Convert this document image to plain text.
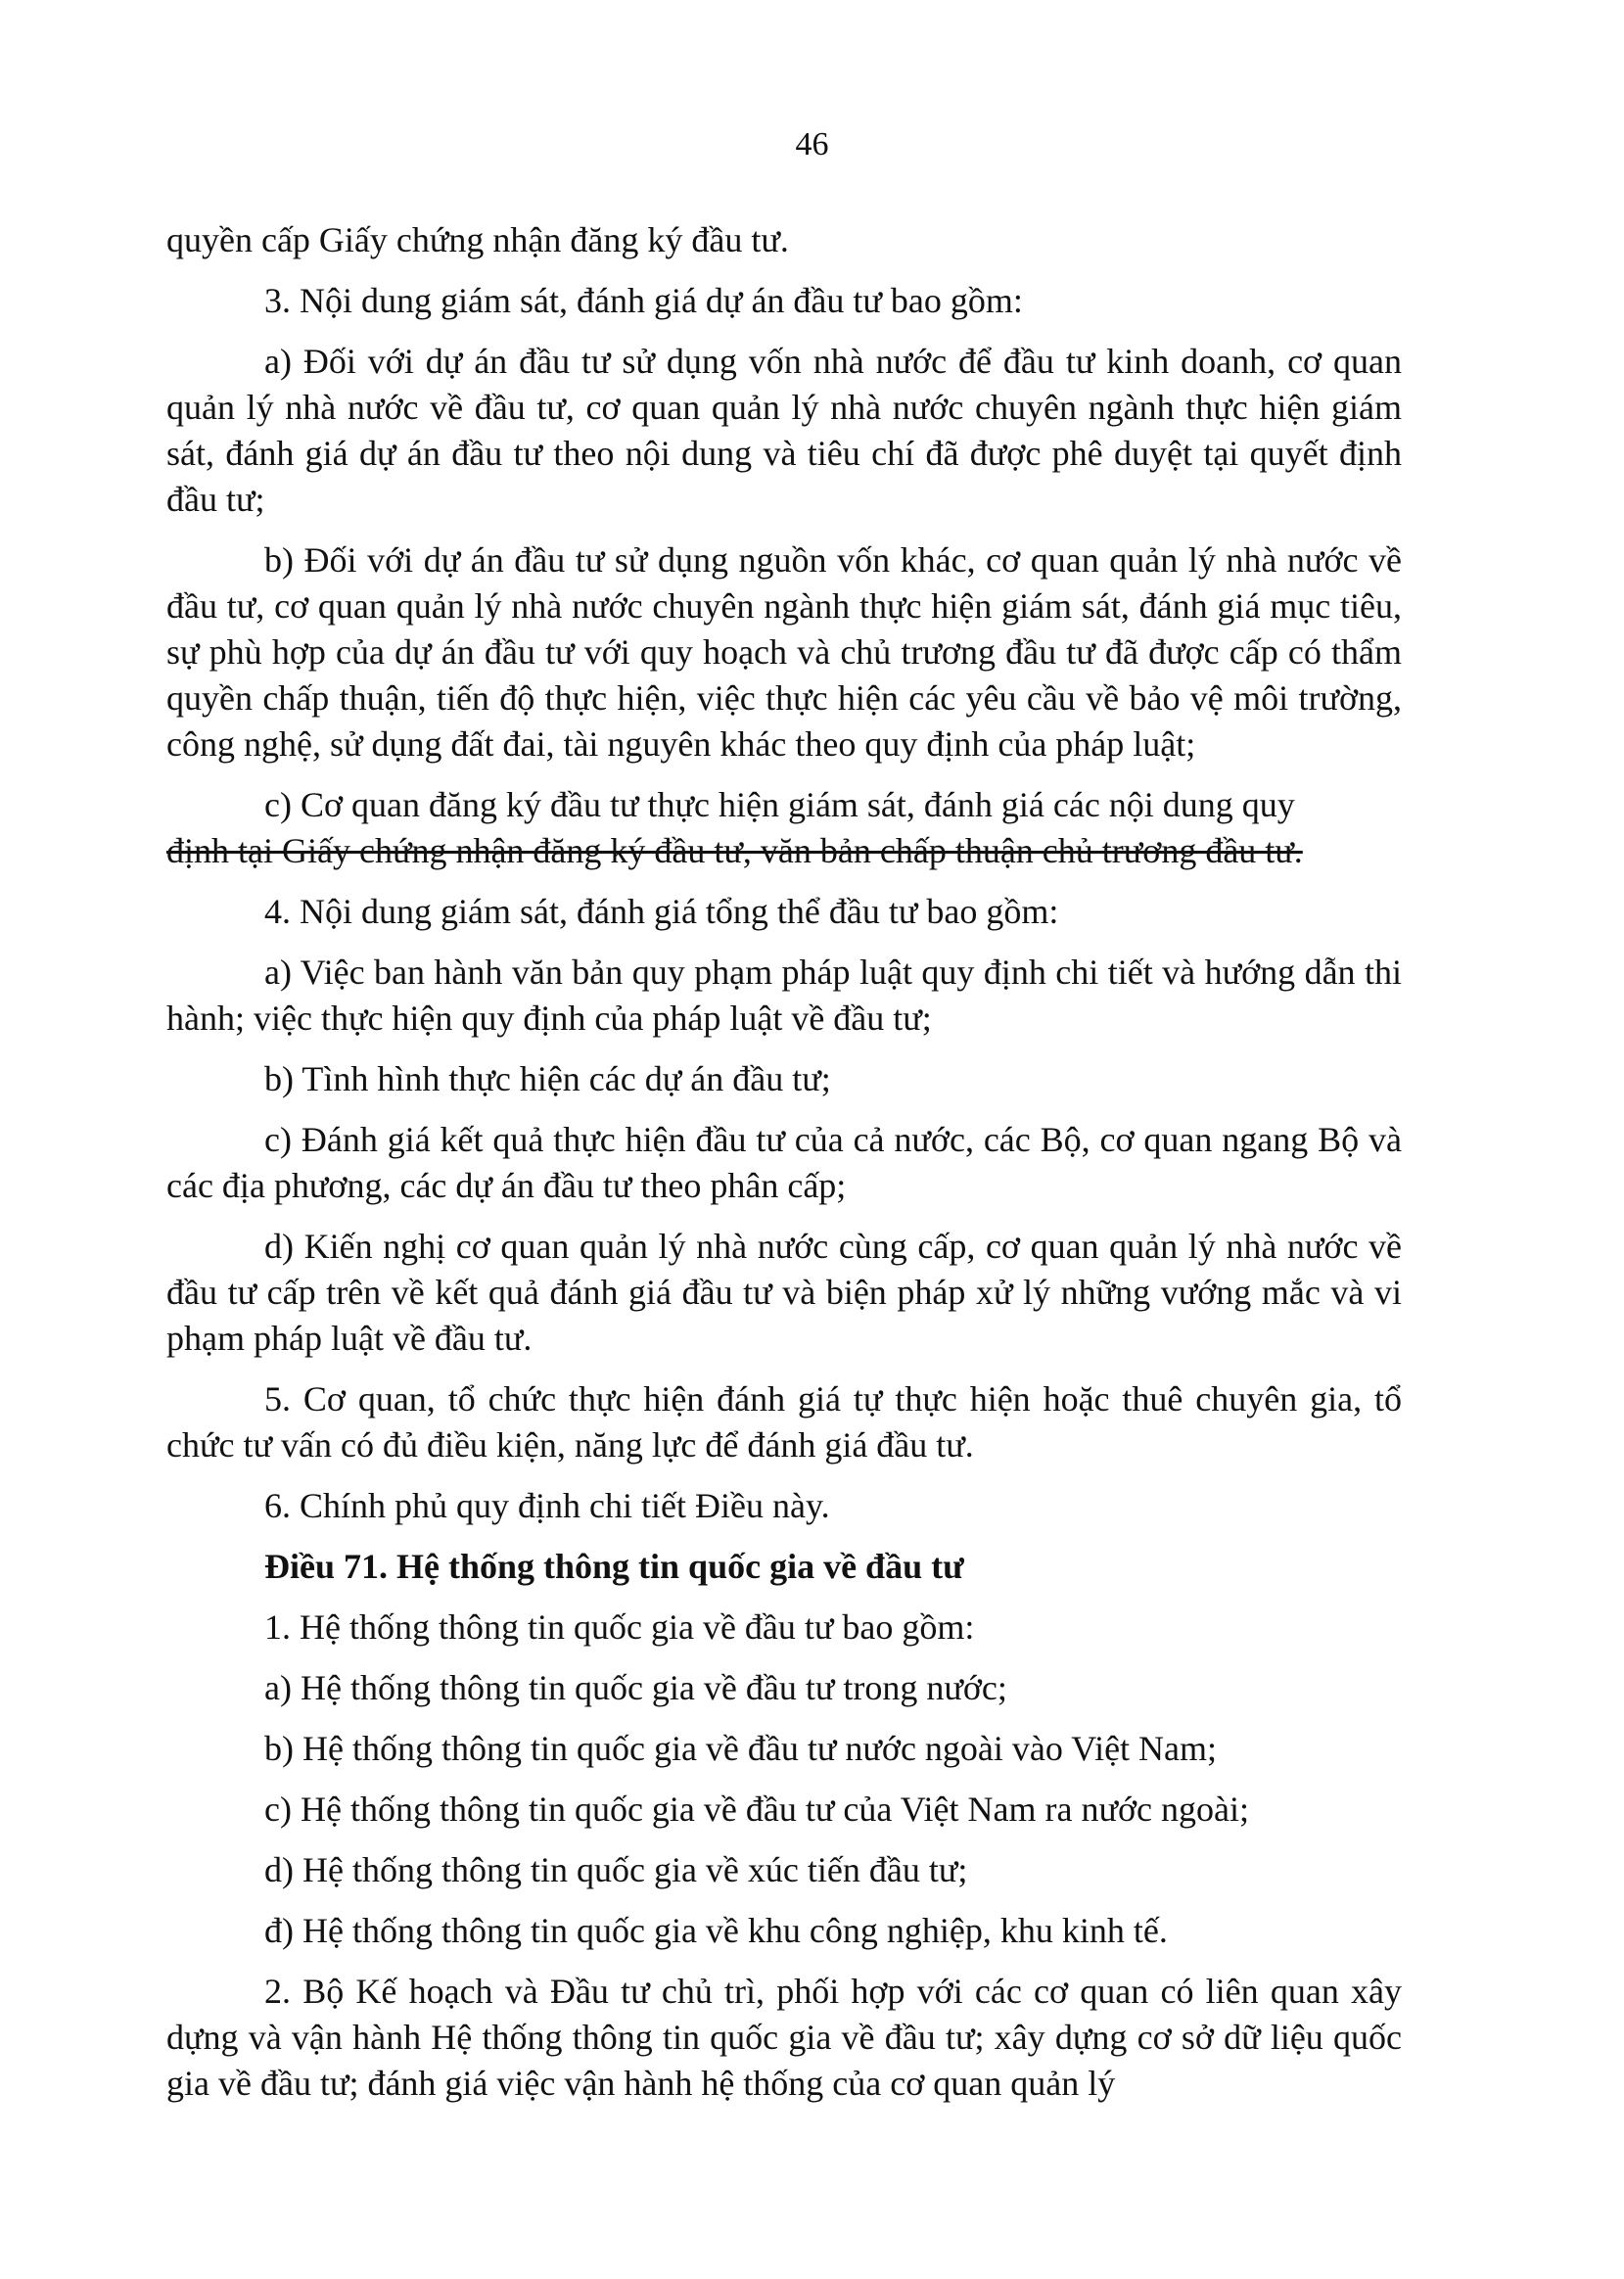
46

quyền cấp Giấy chứng nhận đăng ký đầu tư.

3. Nội dung giám sát, đánh giá dự án đầu tư bao gồm:

a) Đối với dự án đầu tư sử dụng vốn nhà nước để đầu tư kinh doanh, cơ quan quản lý nhà nước về đầu tư, cơ quan quản lý nhà nước chuyên ngành thực hiện giám sát, đánh giá dự án đầu tư theo nội dung và tiêu chí đã được phê duyệt tại quyết định đầu tư;

b) Đối với dự án đầu tư sử dụng nguồn vốn khác, cơ quan quản lý nhà nước về đầu tư, cơ quan quản lý nhà nước chuyên ngành thực hiện giám sát, đánh giá mục tiêu, sự phù hợp của dự án đầu tư với quy hoạch và chủ trương đầu tư đã được cấp có thẩm quyền chấp thuận, tiến độ thực hiện, việc thực hiện các yêu cầu về bảo vệ môi trường, công nghệ, sử dụng đất đai, tài nguyên khác theo quy định của pháp luật;

c) Cơ quan đăng ký đầu tư thực hiện giám sát, đánh giá các nội dung quy

định tại Giấy chứng nhận đăng ký đầu tư, văn bản chấp thuận chủ trương đầu tư.

4. Nội dung giám sát, đánh giá tổng thể đầu tư bao gồm:

a) Việc ban hành văn bản quy phạm pháp luật quy định chi tiết và hướng dẫn thi hành; việc thực hiện quy định của pháp luật về đầu tư;

b) Tình hình thực hiện các dự án đầu tư;

c) Đánh giá kết quả thực hiện đầu tư của cả nước, các Bộ, cơ quan ngang Bộ và các địa phương, các dự án đầu tư theo phân cấp;

d) Kiến nghị cơ quan quản lý nhà nước cùng cấp, cơ quan quản lý nhà nước về đầu tư cấp trên về kết quả đánh giá đầu tư và biện pháp xử lý những vướng mắc và vi phạm pháp luật về đầu tư.

5. Cơ quan, tổ chức thực hiện đánh giá tự thực hiện hoặc thuê chuyên gia, tổ chức tư vấn có đủ điều kiện, năng lực để đánh giá đầu tư.

6. Chính phủ quy định chi tiết Điều này.

Điều 71. Hệ thống thông tin quốc gia về đầu tư

1. Hệ thống thông tin quốc gia về đầu tư bao gồm:

a) Hệ thống thông tin quốc gia về đầu tư trong nước;

b) Hệ thống thông tin quốc gia về đầu tư nước ngoài vào Việt Nam;

c) Hệ thống thông tin quốc gia về đầu tư của Việt Nam ra nước ngoài;

d) Hệ thống thông tin quốc gia về xúc tiến đầu tư;

đ) Hệ thống thông tin quốc gia về khu công nghiệp, khu kinh tế.

2. Bộ Kế hoạch và Đầu tư chủ trì, phối hợp với các cơ quan có liên quan xây dựng và vận hành Hệ thống thông tin quốc gia về đầu tư; xây dựng cơ sở dữ liệu quốc gia về đầu tư; đánh giá việc vận hành hệ thống của cơ quan quản lý
